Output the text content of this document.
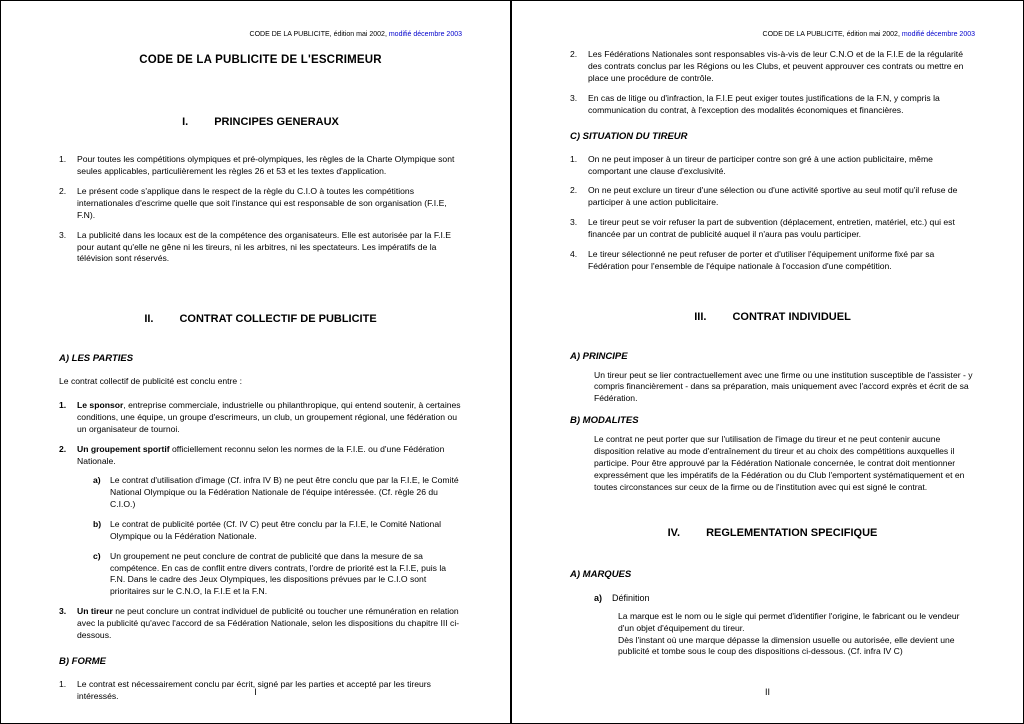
CODE DE LA PUBLICITE, édition mai 2002, modifié décembre 2003
CODE DE LA PUBLICITE DE L'ESCRIMEUR
I. PRINCIPES GENERAUX
1.	Pour toutes les compétitions olympiques et pré-olympiques, les règles de la Charte Olympique sont seules applicables, particulièrement les règles 26 et 53 et les textes d'application.
2.	Le présent code s'applique dans le respect de la règle du C.I.O à toutes les compétitions internationales d'escrime quelle que soit l'instance qui est responsable de son organisation (F.I.E, F.N).
3.	La publicité dans les locaux est de la compétence des organisateurs. Elle est autorisée par la F.I.E pour autant qu'elle ne gêne ni les tireurs, ni les arbitres, ni les spectateurs. Les impératifs de la télévision sont réservés.
II. CONTRAT COLLECTIF DE PUBLICITE
A) LES PARTIES
Le contrat collectif de publicité est conclu entre :
1.	Le sponsor, entreprise commerciale, industrielle ou philanthropique, qui entend soutenir, à certaines conditions, une équipe, un groupe d'escrimeurs, un club, un groupement régional, une fédération ou un organisateur de tournoi.
2.	Un groupement sportif officiellement reconnu selon les normes de la F.I.E. ou d'une Fédération Nationale.
a)	Le contrat d'utilisation d'image (Cf. infra IV B) ne peut être conclu que par la F.I.E, le Comité National Olympique ou la Fédération Nationale de l'équipe intéressée. (Cf. règle 26 du C.I.O.)
b)	Le contrat de publicité portée (Cf. IV C) peut être conclu par la F.I.E, le Comité National Olympique ou la Fédération Nationale.
c)	Un groupement ne peut conclure de contrat de publicité que dans la mesure de sa compétence. En cas de conflit entre divers contrats, l'ordre de priorité est la F.I.E, puis la F.N. Dans le cadre des Jeux Olympiques, les dispositions prévues par le C.I.O sont prioritaires sur le C.N.O, la F.I.E et la F.N.
3.	Un tireur ne peut conclure un contrat individuel de publicité ou toucher une rémunération en relation avec la publicité qu'avec l'accord de sa Fédération Nationale, selon les dispositions du chapitre III ci-dessous.
B) FORME
1.	Le contrat est nécessairement conclu par écrit, signé par les parties et accepté par les tireurs intéressés.	I
CODE DE LA PUBLICITE, édition mai 2002, modifié décembre 2003
2.	Les Fédérations Nationales sont responsables vis-à-vis de leur C.N.O et de la F.I.E de la régularité des contrats conclus par les Régions ou les Clubs, et peuvent approuver ces contrats ou mettre en place une procédure de contrôle.
3.	En cas de litige ou d'infraction, la F.I.E peut exiger toutes justifications de la F.N, y compris la communication du contrat, à l'exception des modalités économiques et financières.
C) SITUATION DU TIREUR
1.	On ne peut imposer à un tireur de participer contre son gré à une action publicitaire, même comportant une clause d'exclusivité.
2.	On ne peut exclure un tireur d'une sélection ou d'une activité sportive au seul motif qu'il refuse de participer à une action publicitaire.
3.	Le tireur peut se voir refuser la part de subvention (déplacement, entretien, matériel, etc.) qui est financée par un contrat de publicité auquel il n'aura pas voulu participer.
4.	Le tireur sélectionné ne peut refuser de porter et d'utiliser l'équipement uniforme fixé par sa Fédération pour l'ensemble de l'équipe nationale à l'occasion d'une compétition.
III. CONTRAT INDIVIDUEL
A) PRINCIPE
Un tireur peut se lier contractuellement avec une firme ou une institution susceptible de l'assister - y compris financièrement - dans sa préparation, mais uniquement avec l'accord exprès et écrit de sa Fédération.
B) MODALITES
Le contrat ne peut porter que sur l'utilisation de l'image du tireur et ne peut contenir aucune disposition relative au mode d'entraînement du tireur et au choix des compétitions auxquelles il participe. Pour être approuvé par la Fédération Nationale concernée, le contrat doit mentionner expressément que les impératifs de la Fédération ou du Club l'emportent systématiquement et en toutes circonstances sur ceux de la firme ou de l'institution avec qui est signé le contrat.
IV. REGLEMENTATION SPECIFIQUE
A) MARQUES
a)	Définition
La marque est le nom ou le sigle qui permet d'identifier l'origine, le fabricant ou le vendeur d'un objet d'équipement du tireur.
Dès l'instant où une marque dépasse la dimension usuelle ou autorisée, elle devient une publicité et tombe sous le coup des dispositions ci-dessous. (Cf. infra IV C)
II
